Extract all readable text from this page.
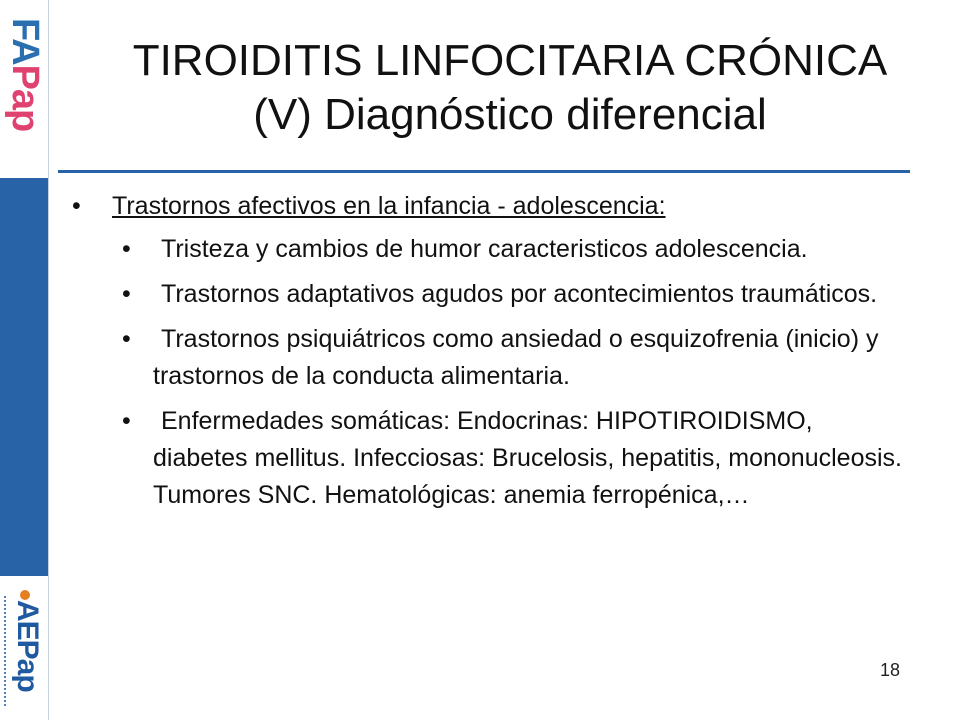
FAPap
AEPap
TIROIDITIS LINFOCITARIA CRÓNICA
(V) Diagnóstico diferencial
• Trastornos afectivos en la infancia - adolescencia:
•	Tristeza y cambios de humor caracteristicos adolescencia.
•	Trastornos adaptativos agudos por acontecimientos traumáticos.
•	Trastornos psiquiátricos como ansiedad o esquizofrenia (inicio) y trastornos de la conducta alimentaria.
•	Enfermedades somáticas: Endocrinas: HIPOTIROIDISMO, diabetes mellitus. Infecciosas: Brucelosis, hepatitis, mononucleosis. Tumores SNC. Hematológicas: anemia ferropénica,…
18
